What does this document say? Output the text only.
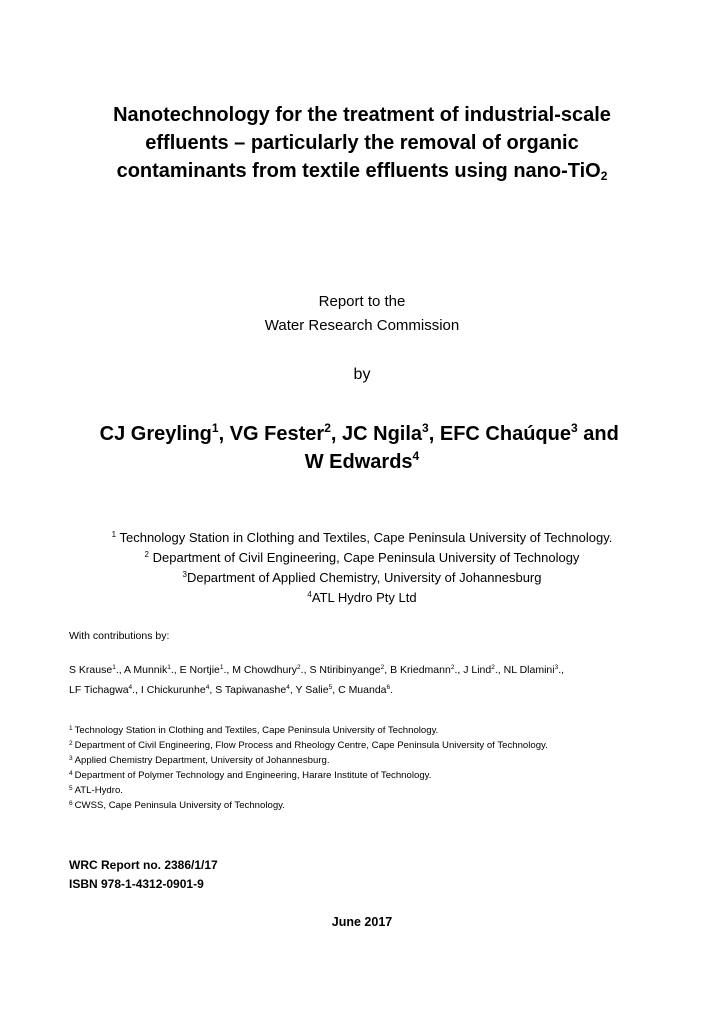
Nanotechnology for the treatment of industrial-scale
effluents – particularly the removal of organic
contaminants from textile effluents using nano-TiO$_2$
Report to the
Water Research Commission
by
CJ Greyling$^1$, VG Fester$^2$, JC Ngila$^3$, EFC Chaúque$^3$ and
W Edwards$^4$
$^1$ Technology Station in Clothing and Textiles, Cape Peninsula University of Technology.
$^2$ Department of Civil Engineering, Cape Peninsula University of Technology
$^3$Department of Applied Chemistry, University of Johannesburg
$^4$ATL Hydro Pty Ltd
With contributions by:
S Krause$^1$., A Munnik$^1$., E Nortjie$^1$., M Chowdhury$^2$., S Ntiribinyange$^2$, B Kriedmann$^2$., J Lind$^2$., NL Dlamini$^3$.,
LF Tichagwa$^4$., I Chickurunhe$^4$, S Tapiwanashe$^4$, Y Salie$^5$, C Muanda$^6$.
$^1$ Technology Station in Clothing and Textiles, Cape Peninsula University of Technology.
$^2$ Department of Civil Engineering, Flow Process and Rheology Centre, Cape Peninsula University of Technology.
$^3$ Applied Chemistry Department, University of Johannesburg.
$^4$ Department of Polymer Technology and Engineering, Harare Institute of Technology.
$^5$ ATL-Hydro.
$^6$ CWSS, Cape Peninsula University of Technology.
WRC Report no. 2386/1/17
ISBN 978-1-4312-0901-9
June 2017
